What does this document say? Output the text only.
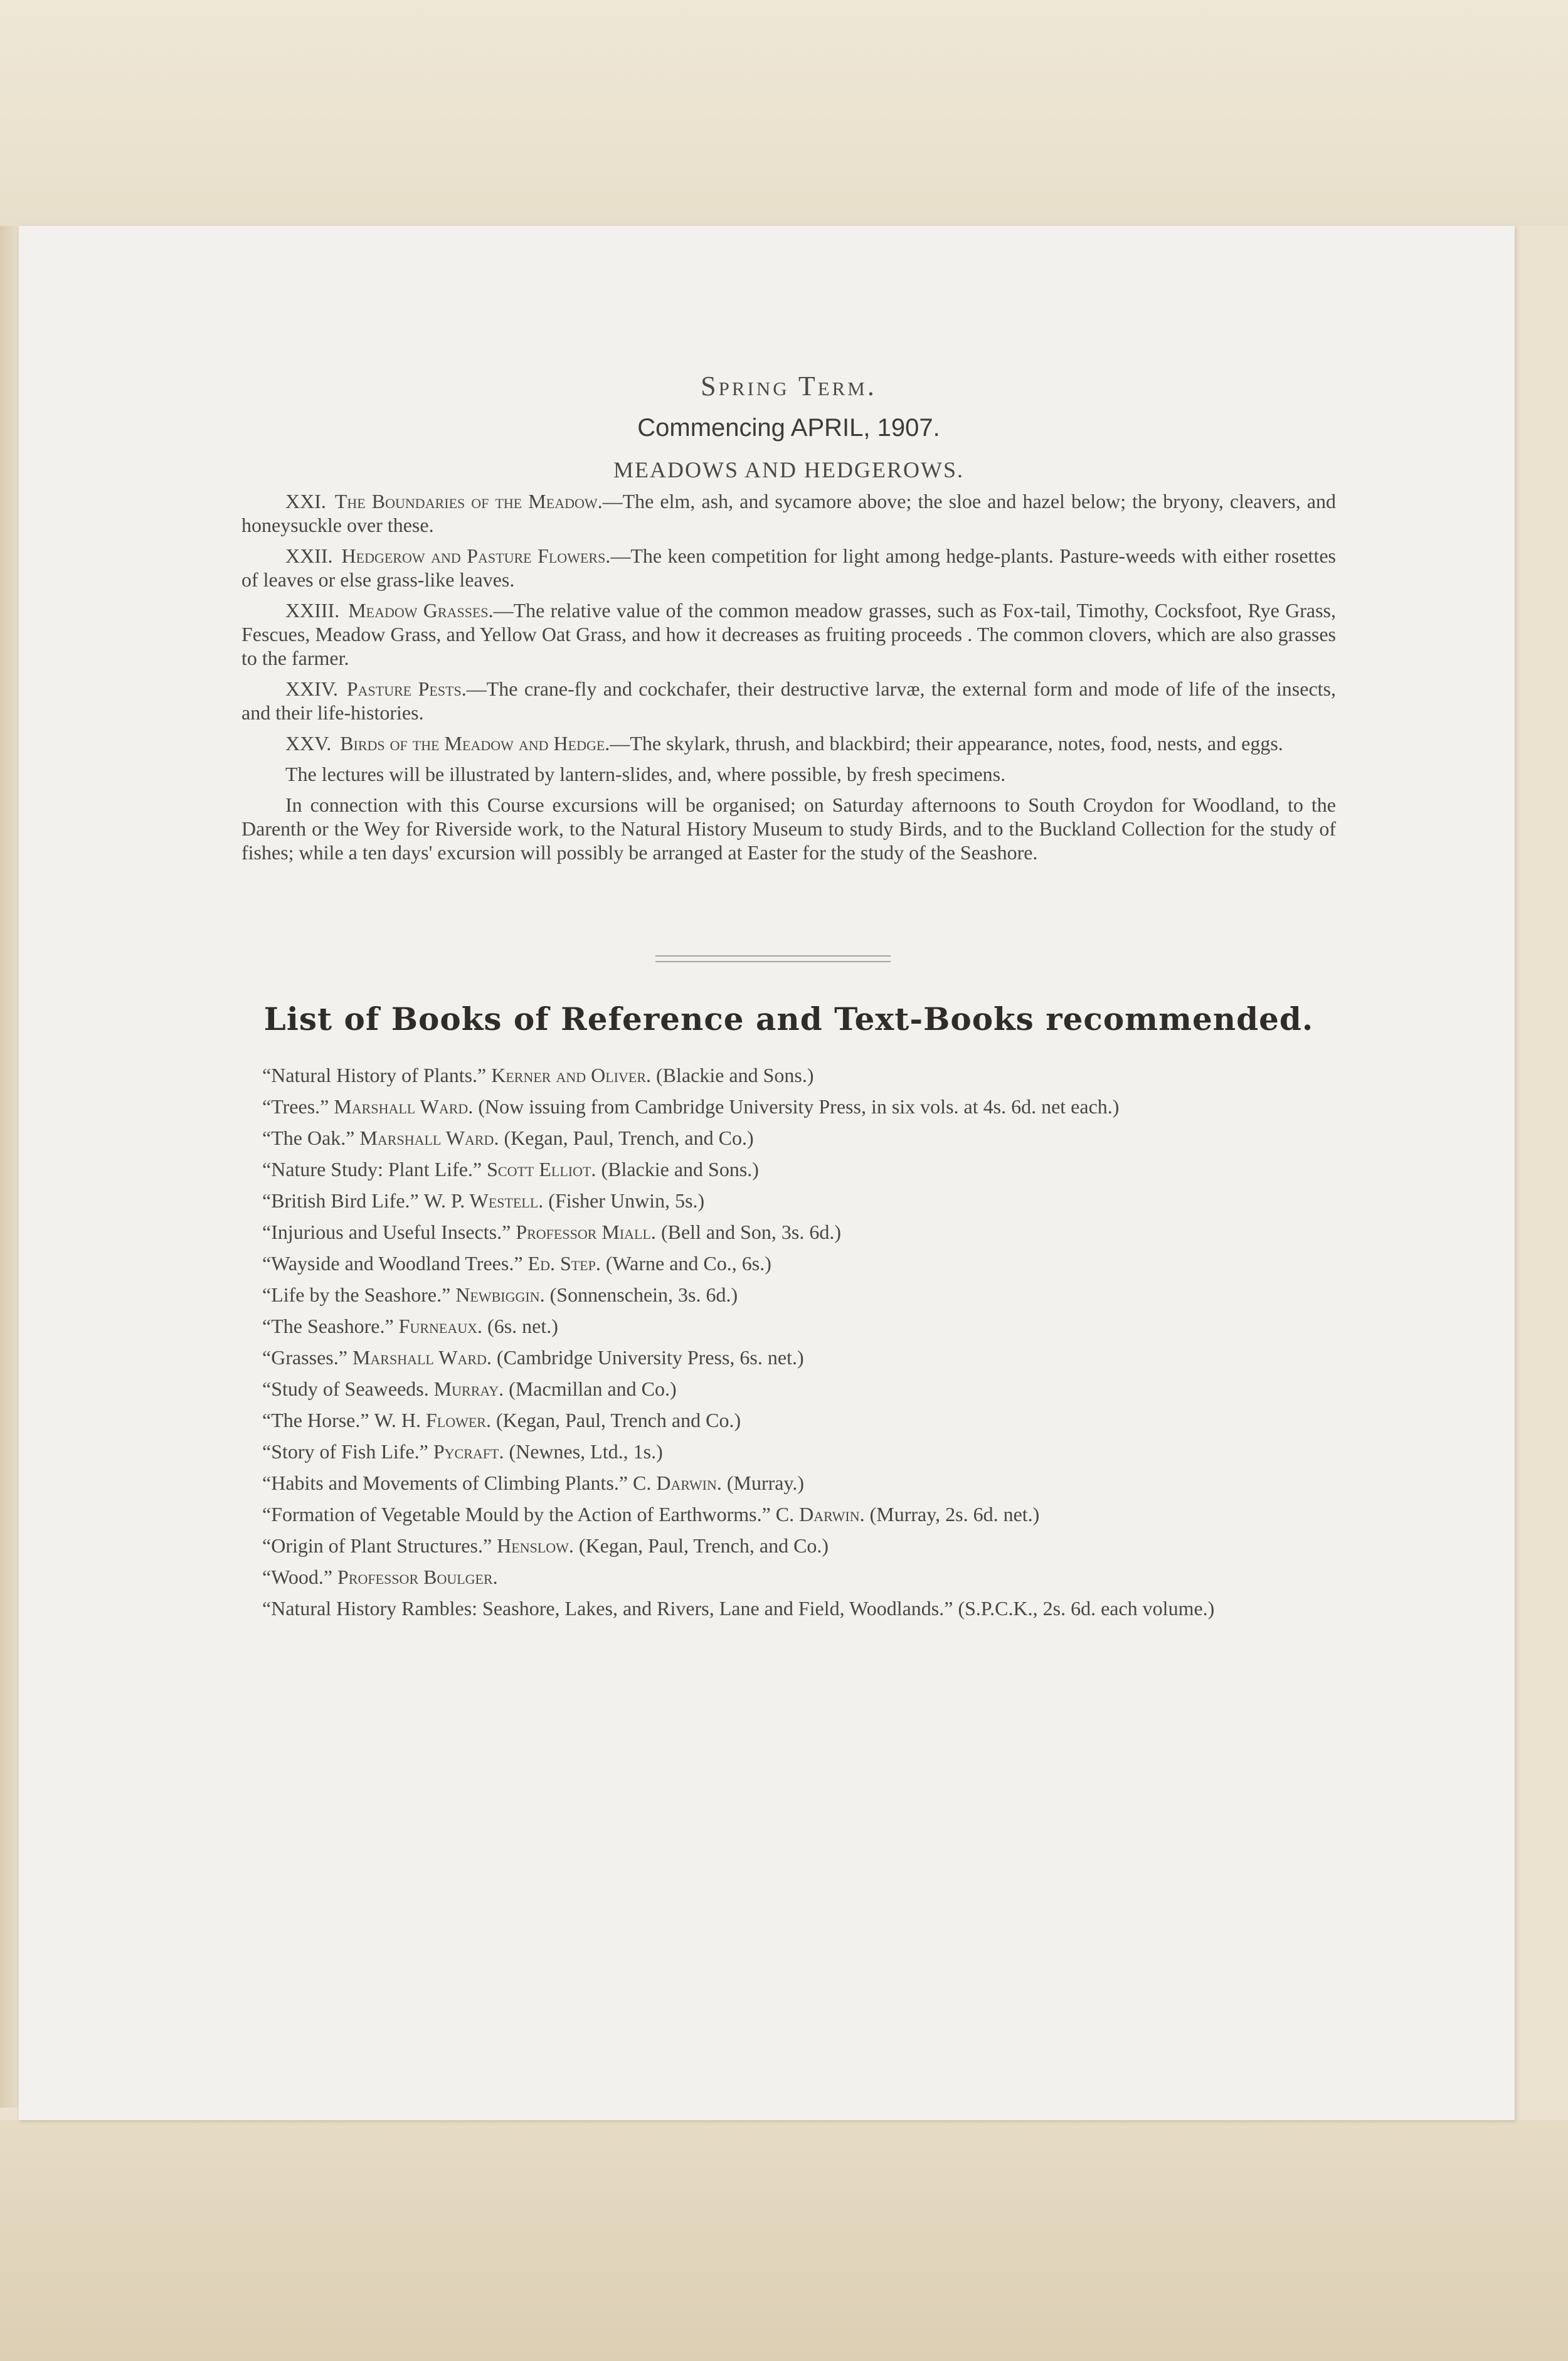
Spring Term.
Commencing APRIL, 1907.
MEADOWS AND HEDGEROWS.

XXI. The Boundaries of the Meadow.—The elm, ash, and sycamore above; the sloe and hazel below; the bryony, cleavers, and honeysuckle over these.

XXII. Hedgerow and Pasture Flowers.—The keen competition for light among hedge-plants. Pasture-weeds with either rosettes of leaves or else grass-like leaves.

XXIII. Meadow Grasses.—The relative value of the common meadow grasses, such as Fox-tail, Timothy, Cocksfoot, Rye Grass, Fescues, Meadow Grass, and Yellow Oat Grass, and how it decreases as fruiting proceeds . The common clovers, which are also grasses to the farmer.

XXIV. Pasture Pests.—The crane-fly and cockchafer, their destructive larvæ, the external form and mode of life of the insects, and their life-histories.

XXV. Birds of the Meadow and Hedge.—The skylark, thrush, and blackbird; their appearance, notes, food, nests, and eggs.

The lectures will be illustrated by lantern-slides, and, where possible, by fresh specimens.

In connection with this Course excursions will be organised; on Saturday afternoons to South Croydon for Woodland, to the Darenth or the Wey for Riverside work, to the Natural History Museum to study Birds, and to the Buckland Collection for the study of fishes; while a ten days' excursion will possibly be arranged at Easter for the study of the Seashore.

List of Books of Reference and Text-Books recommended.

“Natural History of Plants.” Kerner and Oliver. (Blackie and Sons.)

“Trees.” Marshall Ward. (Now issuing from Cambridge University Press, in six vols. at 4s. 6d. net each.)

“The Oak.” Marshall Ward. (Kegan, Paul, Trench, and Co.)

“Nature Study: Plant Life.” Scott Elliot. (Blackie and Sons.)

“British Bird Life.” W. P. Westell. (Fisher Unwin, 5s.)

“Injurious and Useful Insects.” Professor Miall. (Bell and Son, 3s. 6d.)

“Wayside and Woodland Trees.” Ed. Step. (Warne and Co., 6s.)

“Life by the Seashore.” Newbiggin. (Sonnenschein, 3s. 6d.)

“The Seashore.” Furneaux. (6s. net.)

“Grasses.” Marshall Ward. (Cambridge University Press, 6s. net.)

“Study of Seaweeds. Murray. (Macmillan and Co.)

“The Horse.” W. H. Flower. (Kegan, Paul, Trench and Co.)

“Story of Fish Life.” Pycraft. (Newnes, Ltd., 1s.)

“Habits and Movements of Climbing Plants.” C. Darwin. (Murray.)

“Formation of Vegetable Mould by the Action of Earthworms.” C. Darwin. (Murray, 2s. 6d. net.)

“Origin of Plant Structures.” Henslow. (Kegan, Paul, Trench, and Co.)

“Wood.” Professor Boulger.

“Natural History Rambles: Seashore, Lakes, and Rivers, Lane and Field, Woodlands.” (S.P.C.K., 2s. 6d. each volume.)
